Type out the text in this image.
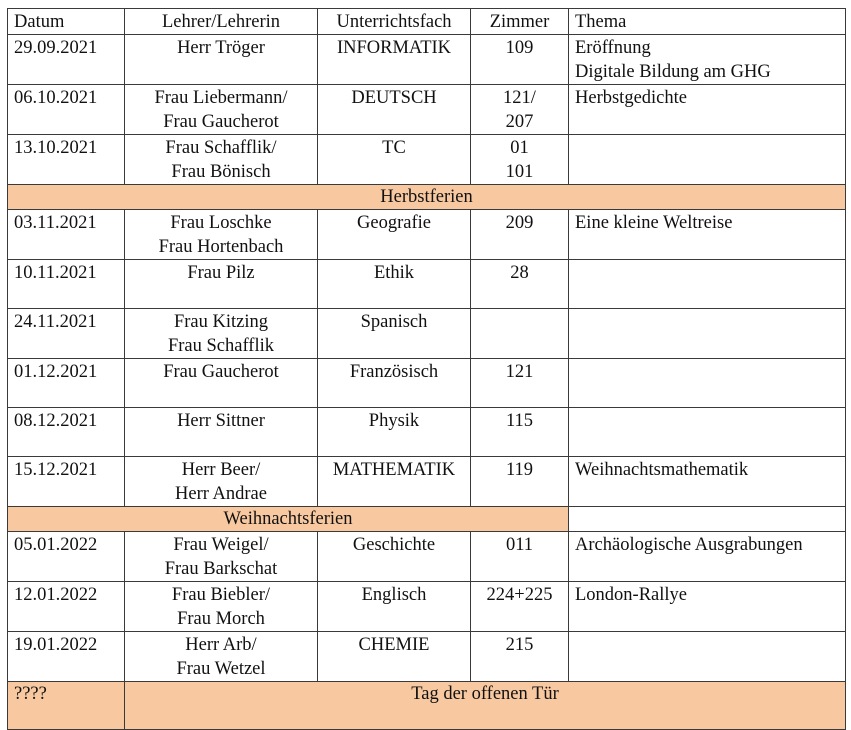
Datum	Lehrer/Lehrerin	Unterrichtsfach	Zimmer	Thema
29.09.2021	Herr Tröger	INFORMATIK	109	Eröffnung
Digitale Bildung am GHG

06.10.2021	Frau Liebermann/
Frau Gaucherot	DEUTSCH	121/
207	Herbstgedichte

13.10.2021	Frau Schafflik/
Frau Bönisch	TC	01
101	

Herbstferien				
03.11.2021	Frau Loschke
Frau Hortenbach	Geografie	209	Eine kleine Weltreise

10.11.2021	Frau Pilz	Ethik	28	

24.11.2021	Frau Kitzing
Frau Schafflik	Spanisch		
01.12.2021	Frau Gaucherot	Französisch	121	

08.12.2021	Herr Sittner	Physik	115	

15.12.2021	Herr Beer/
Herr Andrae	MATHEMATIK	119	Weihnachtsmathematik

Weihnachtsferien				
05.01.2022	Frau Weigel/
Frau Barkschat	Geschichte	011	Archäologische Ausgrabungen

12.01.2022	Frau Biebler/
Frau Morch	Englisch	224+225	London-Rallye

19.01.2022	Herr Arb/
Frau Wetzel	CHEMIE	215	

????	Tag der offenen Tür			
